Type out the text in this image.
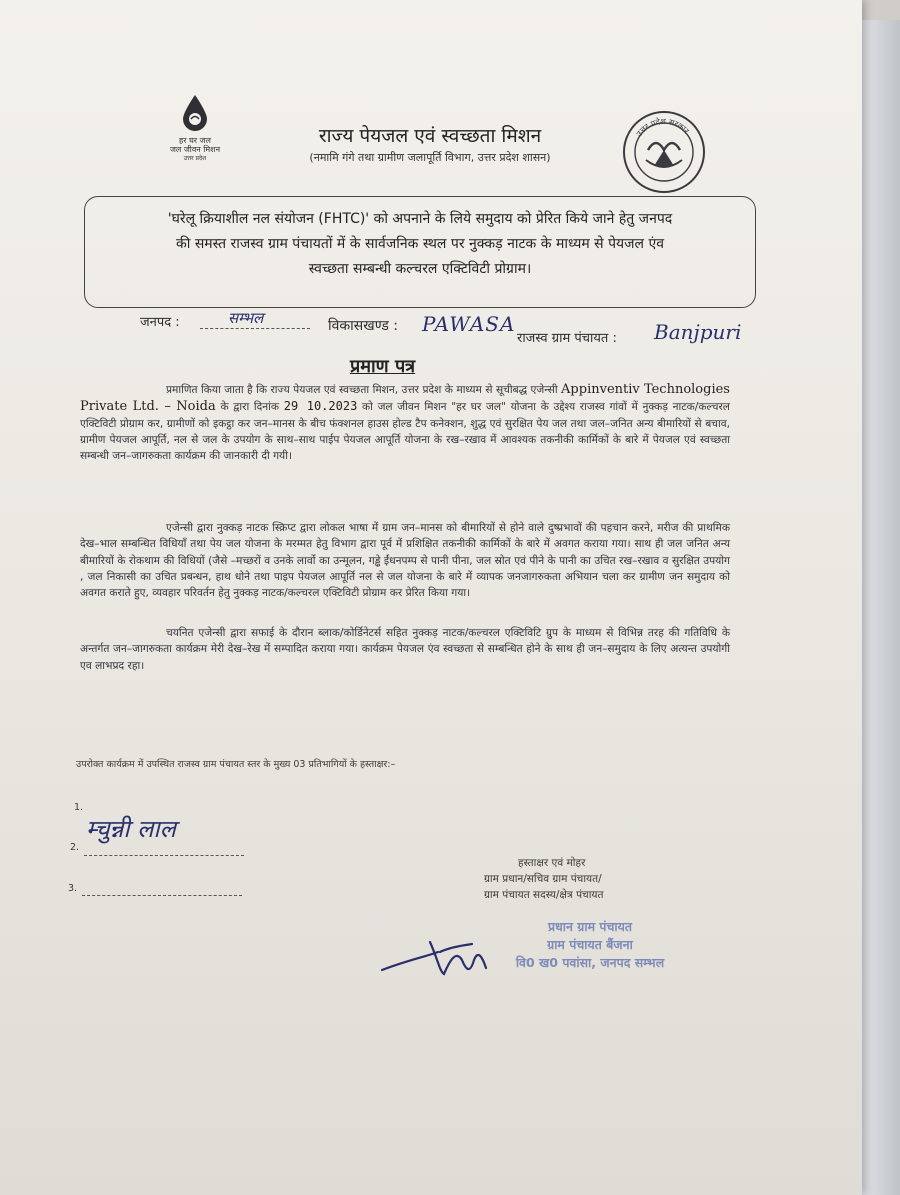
हर घर जल
जल जीवन मिशन
उत्तर प्रदेश
राज्य पेयजल एवं स्वच्छता मिशन
(नमामि गंगे तथा ग्रामीण जलापूर्ति विभाग, उत्तर प्रदेश शासन)
उत्तर प्रदेश सरकार
'घरेलू क्रियाशील नल संयोजन (FHTC)' को अपनाने के लिये समुदाय को प्रेरित किये जाने हेतु जनपद
की समस्त राजस्व ग्राम पंचायतों में के सार्वजनिक स्थल पर नुक्कड़ नाटक के माध्यम से पेयजल एंव
स्वच्छता सम्बन्धी कल्चरल एक्टिविटी प्रोग्राम।
जनपद :	सम्भल	विकासखण्ड : PAWASA
राजस्व ग्राम पंचायत : Banjpuri
प्रमाण पत्र
प्रमाणित किया जाता है कि राज्य पेयजल एवं स्वच्छता मिशन, उत्तर प्रदेश के माध्यम से सूचीबद्ध एजेन्सी Appinventiv Technologies Private Ltd. – Noida के द्वारा दिनांक 29 10.2023 को जल जीवन मिशन "हर घर जल" योजना के उद्देश्य राजस्व गांवों में नुक्कड़ नाटक/कल्चरल एक्टिविटी प्रोग्राम कर, ग्रामीणों को इकट्ठा कर जन–मानस के बीच फंक्शनल हाउस होल्ड टैप कनेक्शन, शुद्ध एवं सुरक्षित पेय जल तथा जल–जनित अन्य बीमारियों से बचाव, ग्रामीण पेयजल आपूर्ति, नल से जल के उपयोग के साथ–साथ पाईप पेयजल आपूर्ति योजना के रख–रखाव में आवश्यक तकनीकी कार्मिकों के बारे में पेयजल एवं स्वच्छता सम्बन्धी जन–जागरुकता कार्यक्रम की जानकारी दी गयी।
एजेन्सी द्वारा नुक्कड़ नाटक स्क्रिप्ट द्वारा लोकल भाषा में ग्राम जन–मानस को बीमारियों से होने वाले दुष्प्रभावों की पहचान करने, मरीज की प्राथमिक देख–भाल सम्बन्धित विधियाँ तथा पेय जल योजना के मरम्मत हेतु विभाग द्वारा पूर्व में प्रशिक्षित तकनीकी कार्मिकों के बारे में अवगत कराया गया। साथ ही जल जनित अन्य बीमारियों के रोकथाम की विधियों (जैसे –मच्छरों व उनके लार्वो का उन्मूलन, गड्ढे ईंधनपम्प से पानी पीना, जल स्रोत एवं पीने के पानी का उचित रख–रखाव व सुरक्षित उपयोग , जल निकासी का उचित प्रबन्धन, हाथ धोने तथा पाइप पेयजल आपूर्ति नल से जल योजना के बारे में व्यापक जनजागरुकता अभियान चला कर ग्रामीण जन समुदाय को अवगत कराते हुए, व्यवहार परिवर्तन हेतु नुक्कड़ नाटक/कल्चरल एक्टिविटी प्रोग्राम कर प्रेरित किया गया।
चयनित एजेन्सी द्वारा सफाई के दौरान ब्लाक/कोर्डिनेटर्स सहित नुक्कड़ नाटक/कल्चरल एक्टिविटि ग्रुप के माध्यम से विभिन्न तरह की गतिविधि के अन्तर्गत जन–जागरुकता कार्यक्रम मेरी देख–रेख में सम्पादित कराया गया। कार्यक्रम पेयजल एंव स्वच्छता से सम्बन्धित होने के साथ ही जन–समुदाय के लिए अत्यन्त उपयोगी एव लाभप्रद रहा।
उपरोक्त कार्यक्रम में उपस्थित राजस्व ग्राम पंचायत स्तर के मुख्य 03 प्रतिभागियों के हस्ताक्षर:–
1.
म्चुन्नी लाल
2.
3.
हस्ताक्षर एवं मोहर
ग्राम प्रधान/सचिव ग्राम पंचायत/
ग्राम पंचायत सदस्य/क्षेत्र पंचायत
प्रधान ग्राम पंचायत
ग्राम पंचायत बैंजना
वि0 ख0 पवांसा, जनपद सम्भल
